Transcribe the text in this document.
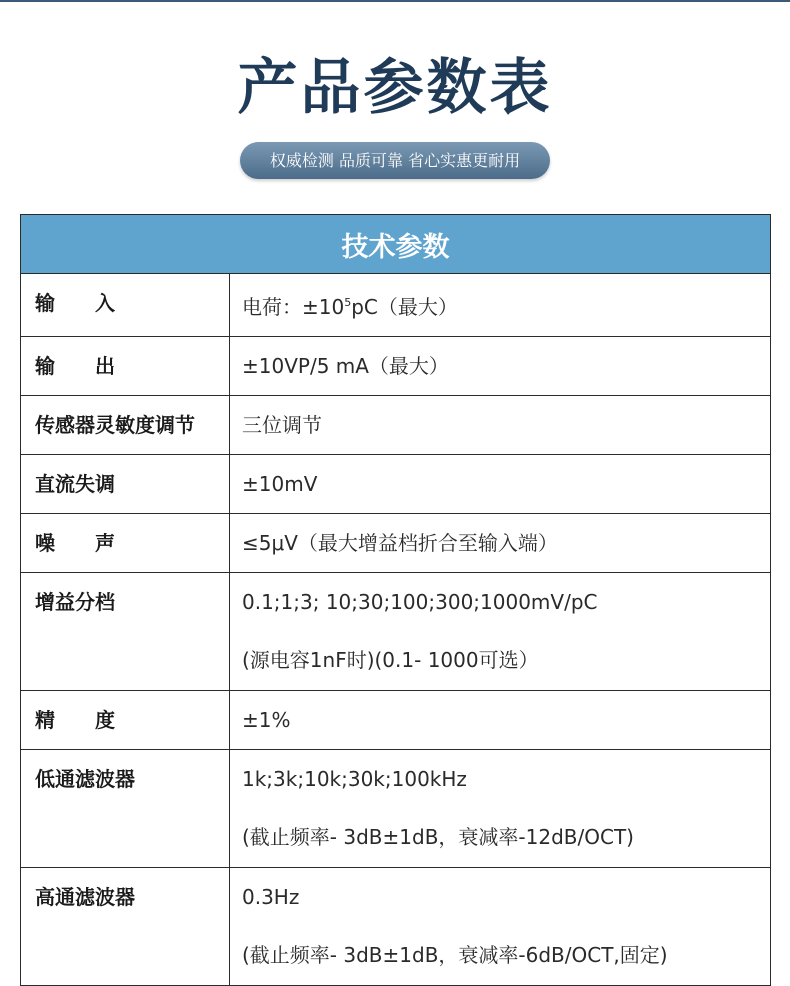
产品参数表
权威检测 品质可靠 省心实惠更耐用
技术参数	

输　　入	电荷：$\pm 10^5pC$（最大）

输　　出	±10VP/5 mA（最大）

传感器灵敏度调节	三位调节

直流失调	±10mV

噪　　声	≤5μV（最大增益档折合至输入端）

增益分档	0.1;1;3; 10;30;100;300;1000mV/pC
(源电容1nF时)(0.1- 1000可选）

精　　度	±1%

低通滤波器	1k;3k;10k;30k;100kHz
(截止频率- 3dB±1dB，衰减率-12dB/OCT)

高通滤波器	0.3Hz
(截止频率- 3dB±1dB，衰减率-6dB/OCT,固定)
